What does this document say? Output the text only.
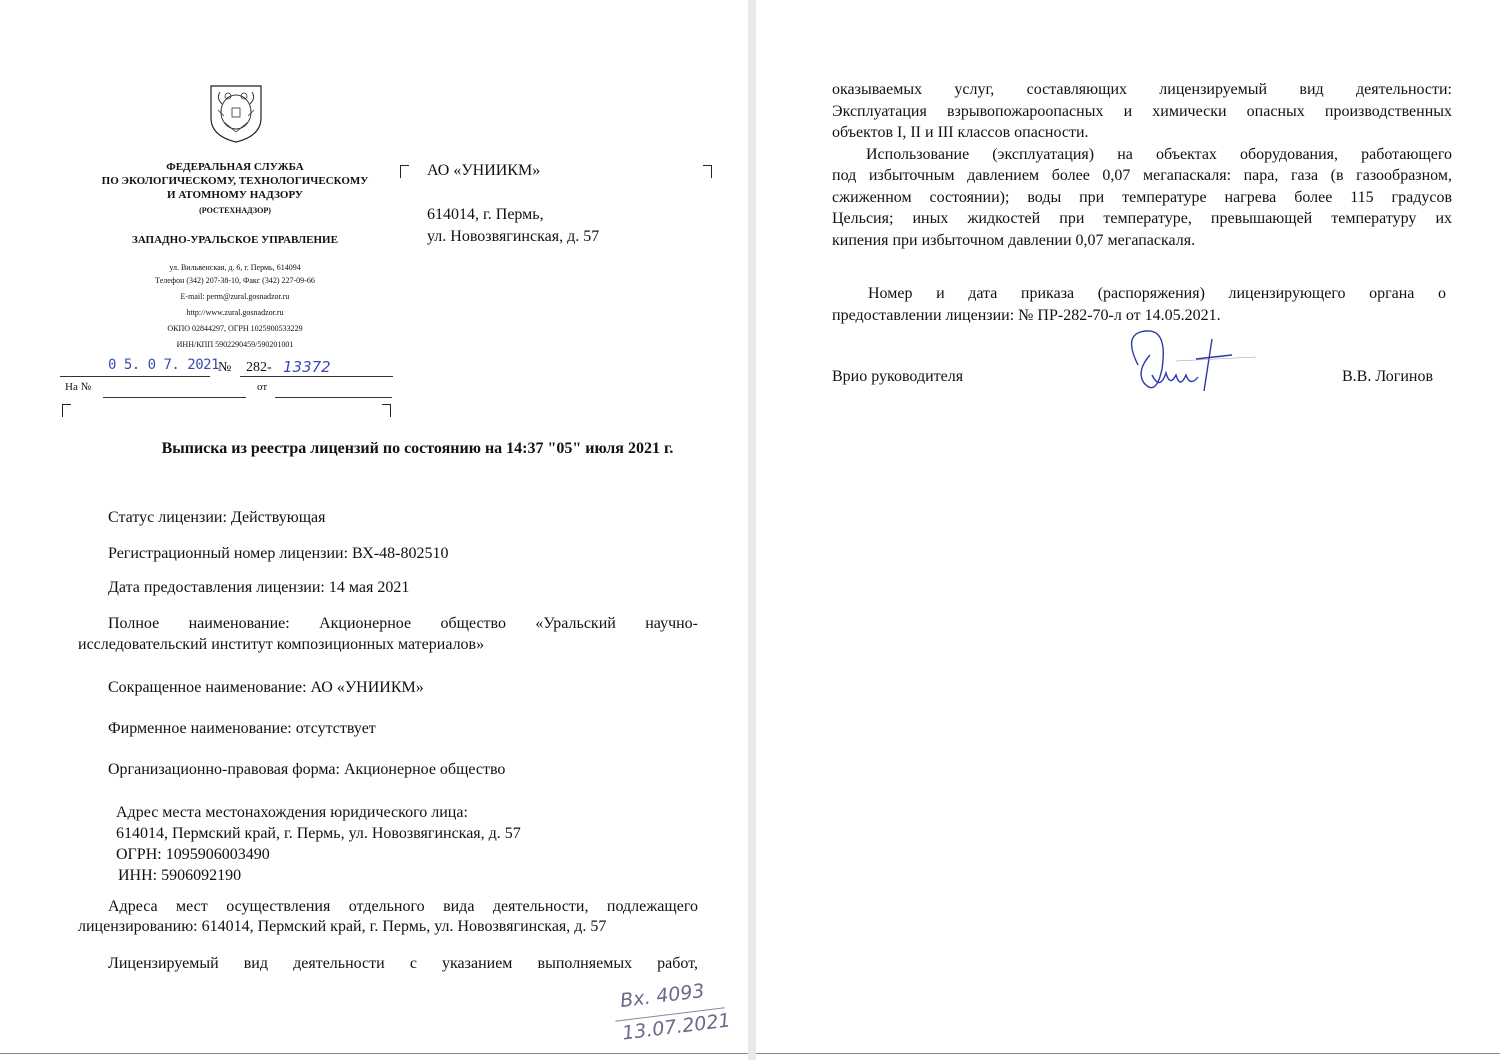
ФЕДЕРАЛЬНАЯ СЛУЖБА
ПО ЭКОЛОГИЧЕСКОМУ, ТЕХНОЛОГИЧЕСКОМУ
И АТОМНОМУ НАДЗОРУ
(РОСТЕХНАДЗОР)
ЗАПАДНО-УРАЛЬСКОЕ УПРАВЛЕНИЕ
ул. Вильвенская, д. 6, г. Пермь, 614094
Телефон (342) 207-38-10, Факс (342) 227-09-66
E-mail: perm@zural.gosnadzor.ru
http://www.zural.gosnadzor.ru
ОКПО 02844297, ОГРН 1025900533229
ИНН/КПП 5902290459/590201001
0 5. 0 7. 2021
№ 282- 13372
На №	от
АО «УНИИКМ»
614014, г. Пермь,
ул. Новозвягинская, д. 57
Выписка из реестра лицензий по состоянию на 14:37 "05" июля 2021 г.
Статус лицензии: Действующая
Регистрационный номер лицензии: ВХ-48-802510
Дата предоставления лицензии: 14 мая 2021
Полное наименование: Акционерное общество «Уральский научно-
исследовательский институт композиционных материалов»
Сокращенное наименование: АО «УНИИКМ»
Фирменное наименование: отсутствует
Организационно-правовая форма: Акционерное общество
Адрес места местонахождения юридического лица:
614014, Пермский край, г. Пермь, ул. Новозвягинская, д. 57
ОГРН: 1095906003490
ИНН: 5906092190
Адреса мест осуществления отдельного вида деятельности, подлежащего
лицензированию: 614014, Пермский край, г. Пермь, ул. Новозвягинская, д. 57
Лицензируемый вид деятельности с указанием выполняемых работ,
Вх. 4093
13.07.2021
оказываемых услуг, составляющих лицензируемый вид деятельности:
Эксплуатация взрывопожароопасных и химически опасных производственных
объектов I, II и III классов опасности.
Использование (эксплуатация) на объектах оборудования, работающего
под избыточным давлением более 0,07 мегапаскаля: пара, газа (в газообразном,
сжиженном состоянии); воды при температуре нагрева более 115 градусов
Цельсия; иных жидкостей при температуре, превышающей температуру их
кипения при избыточном давлении 0,07 мегапаскаля.
Номер и дата приказа (распоряжения) лицензирующего органа о
предоставлении лицензии: № ПР-282-70-л от 14.05.2021.
Врио руководителя	В.В. Логинов
